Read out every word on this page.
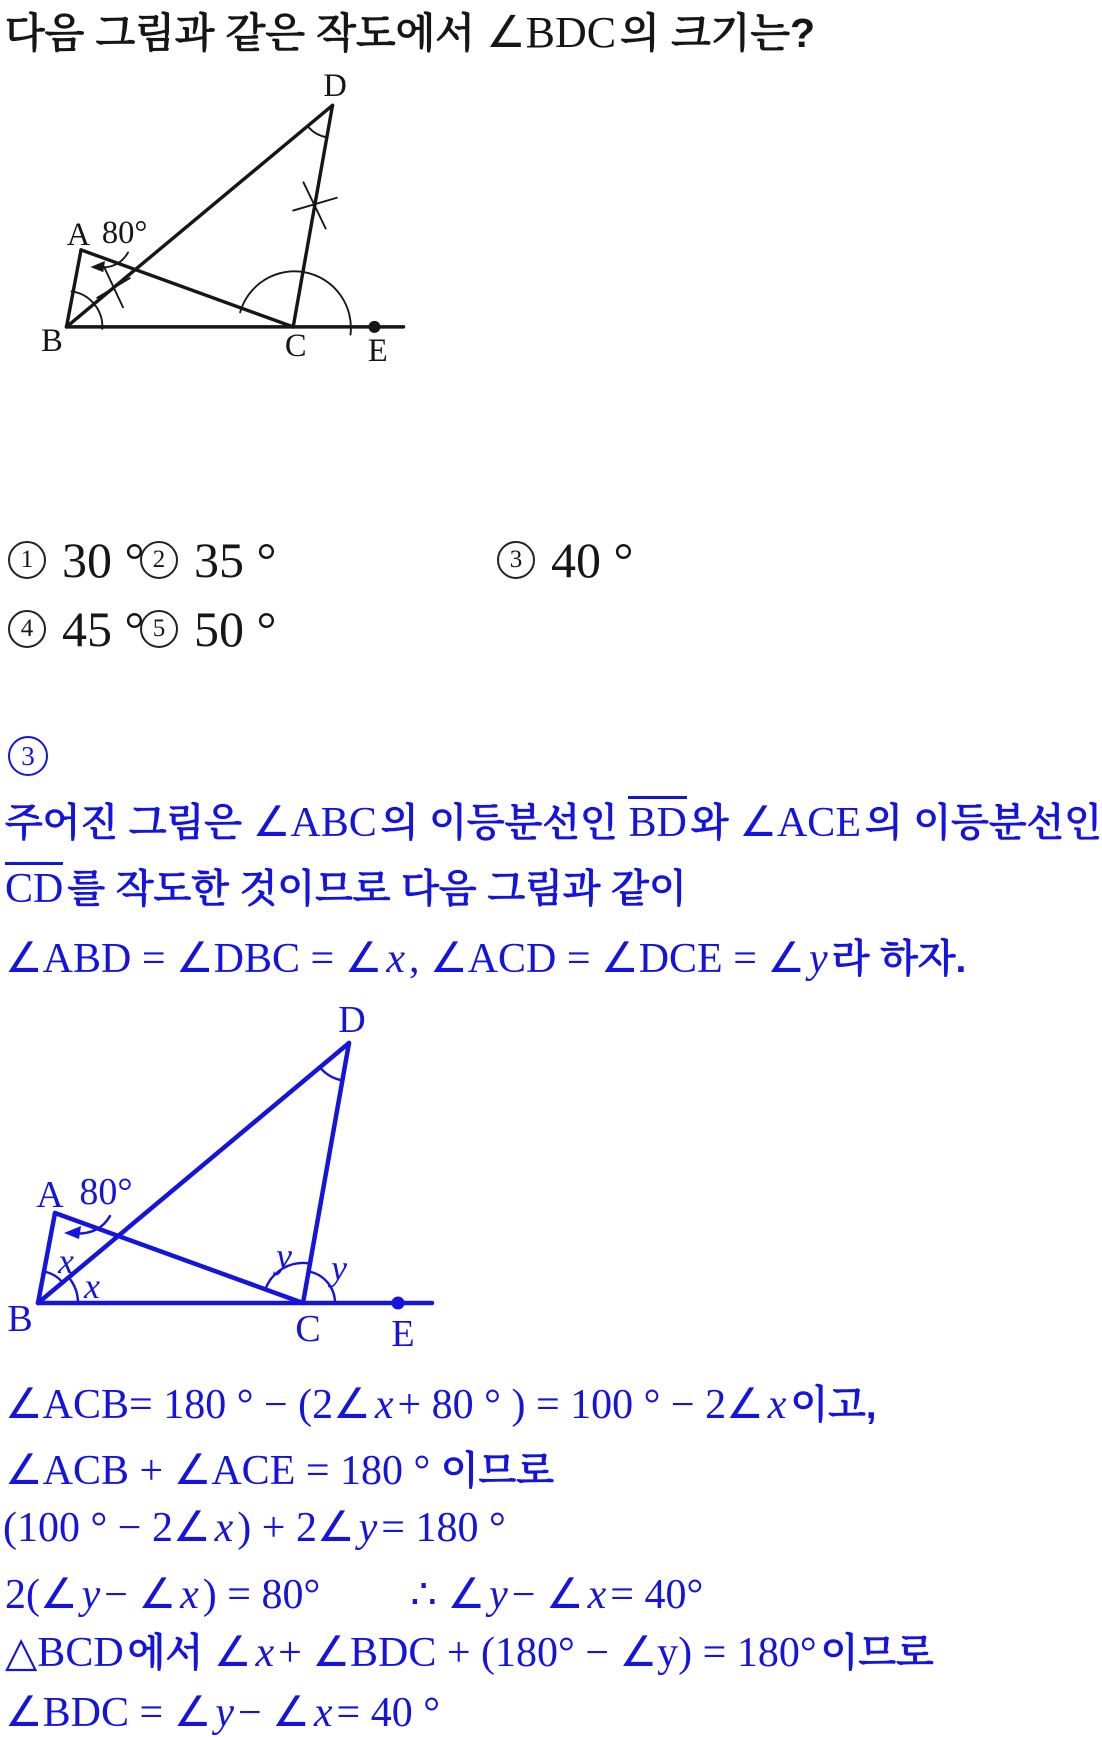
다음 그림과 같은 작도에서 ∠BDC 의 크기는?
D
A 80°
B	C E
1 30 ° 2 35 °	3 40 °
4 45 ° 5 50 °
3
주어진 그림은 ∠ABC 의 이등분선인 BD 와 ∠ACE 의 이등분선인
CD 를 작도한 것이므로 다음 그림과 같이
∠ABD = ∠DBC = ∠ x , ∠ACD = ∠DCE = ∠ y 라 하자.
D
A 80°
B	C E
x
x
y y
∠ACB= 180 ° − (2∠ x + 80 ° ) = 100 ° − 2∠ x 이고,
∠ACB + ∠ACE = 180 ° 이므로
(100 ° − 2∠ x ) + 2∠ y = 180 °
2(∠ y − ∠ x ) = 80° ∴ ∠ y − ∠ x = 40°
△BCD 에서 ∠ x + ∠BDC + (180° − ∠y) = 180° 이므로
∠BDC = ∠ y − ∠ x = 40 °
